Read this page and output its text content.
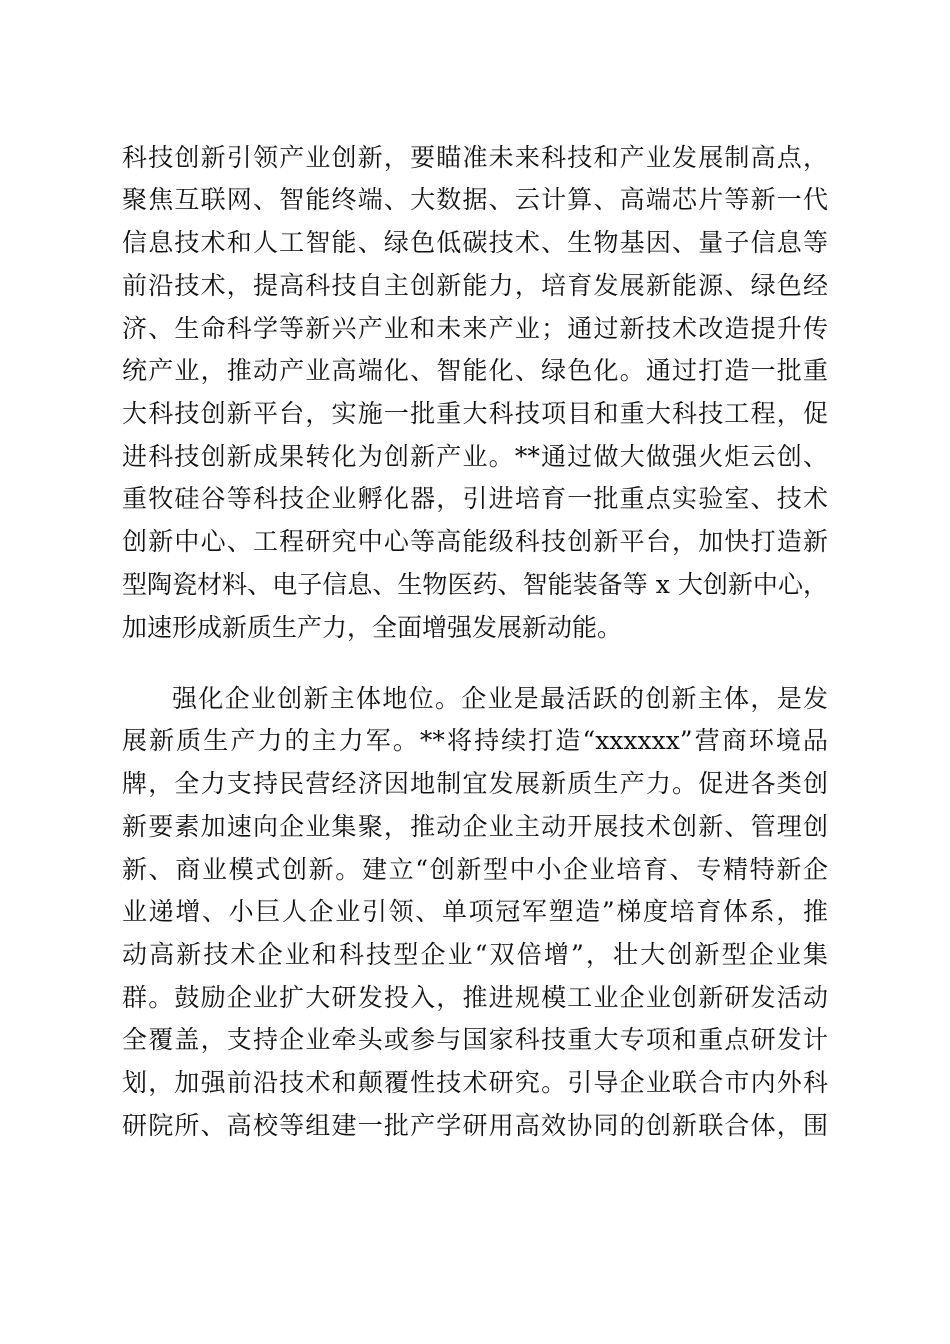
科技创新引领产业创新，要瞄准未来科技和产业发展制高点，
聚焦互联网、智能终端、大数据、云计算、高端芯片等新一代
信息技术和人工智能、绿色低碳技术、生物基因、量子信息等
前沿技术，提高科技自主创新能力，培育发展新能源、绿色经
济、生命科学等新兴产业和未来产业；通过新技术改造提升传
统产业，推动产业高端化、智能化、绿色化。通过打造一批重
大科技创新平台，实施一批重大科技项目和重大科技工程，促
进科技创新成果转化为创新产业。**通过做大做强火炬云创、
重牧硅谷等科技企业孵化器，引进培育一批重点实验室、技术
创新中心、工程研究中心等高能级科技创新平台，加快打造新
型陶瓷材料、电子信息、生物医药、智能装备等 x 大创新中心，
加速形成新质生产力，全面增强发展新动能。
强化企业创新主体地位。企业是最活跃的创新主体，是发
展新质生产力的主力军。**将持续打造“xxxxxx”营商环境品
牌，全力支持民营经济因地制宜发展新质生产力。促进各类创
新要素加速向企业集聚，推动企业主动开展技术创新、管理创
新、商业模式创新。建立“创新型中小企业培育、专精特新企
业递增、小巨人企业引领、单项冠军塑造”梯度培育体系，推
动高新技术企业和科技型企业“双倍增”，壮大创新型企业集
群。鼓励企业扩大研发投入，推进规模工业企业创新研发活动
全覆盖，支持企业牵头或参与国家科技重大专项和重点研发计
划，加强前沿技术和颠覆性技术研究。引导企业联合市内外科
研院所、高校等组建一批产学研用高效协同的创新联合体，围
